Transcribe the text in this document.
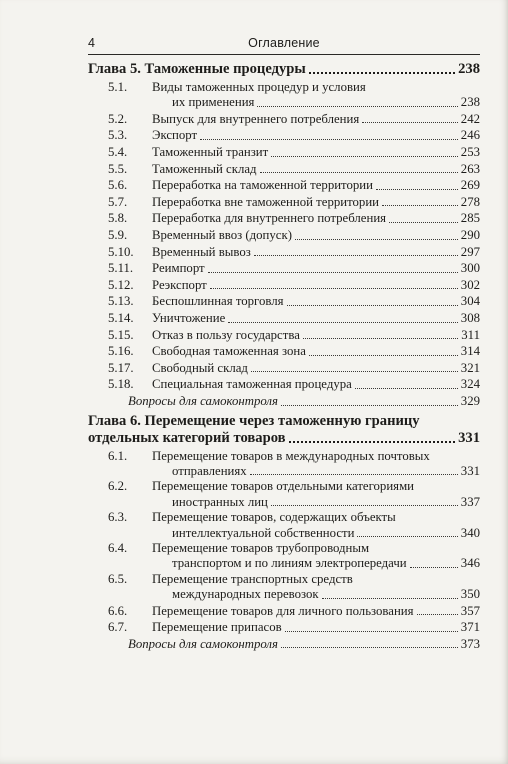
4	Оглавление
Глава 5. Таможенные процедуры	238
5.1.	Виды таможенных процедур и условия
их применения	238
5.2.	Выпуск для внутреннего потребления	242
5.3.	Экспорт	246
5.4.	Таможенный транзит	253
5.5.	Таможенный склад	263
5.6.	Переработка на таможенной территории	269
5.7.	Переработка вне таможенной территории	278
5.8.	Переработка для внутреннего потребления	285
5.9.	Временный ввоз (допуск)	290
5.10.	Временный вывоз	297
5.11.	Реимпорт	300
5.12.	Реэкспорт	302
5.13.	Беспошлинная торговля	304
5.14.	Уничтожение	308
5.15.	Отказ в пользу государства	311
5.16.	Свободная таможенная зона	314
5.17.	Свободный склад	321
5.18.	Специальная таможенная процедура	324
Вопросы для самоконтроля	329
Глава 6. Перемещение через таможенную границу
отдельных категорий товаров	331
6.1.	Перемещение товаров в международных почтовых
отправлениях	331
6.2.	Перемещение товаров отдельными категориями
иностранных лиц	337
6.3.	Перемещение товаров, содержащих объекты
интеллектуальной собственности	340
6.4.	Перемещение товаров трубопроводным
транспортом и по линиям электропередачи	346
6.5.	Перемещение транспортных средств
международных перевозок	350
6.6.	Перемещение товаров для личного пользования	357
6.7.	Перемещение припасов	371
Вопросы для самоконтроля	373
